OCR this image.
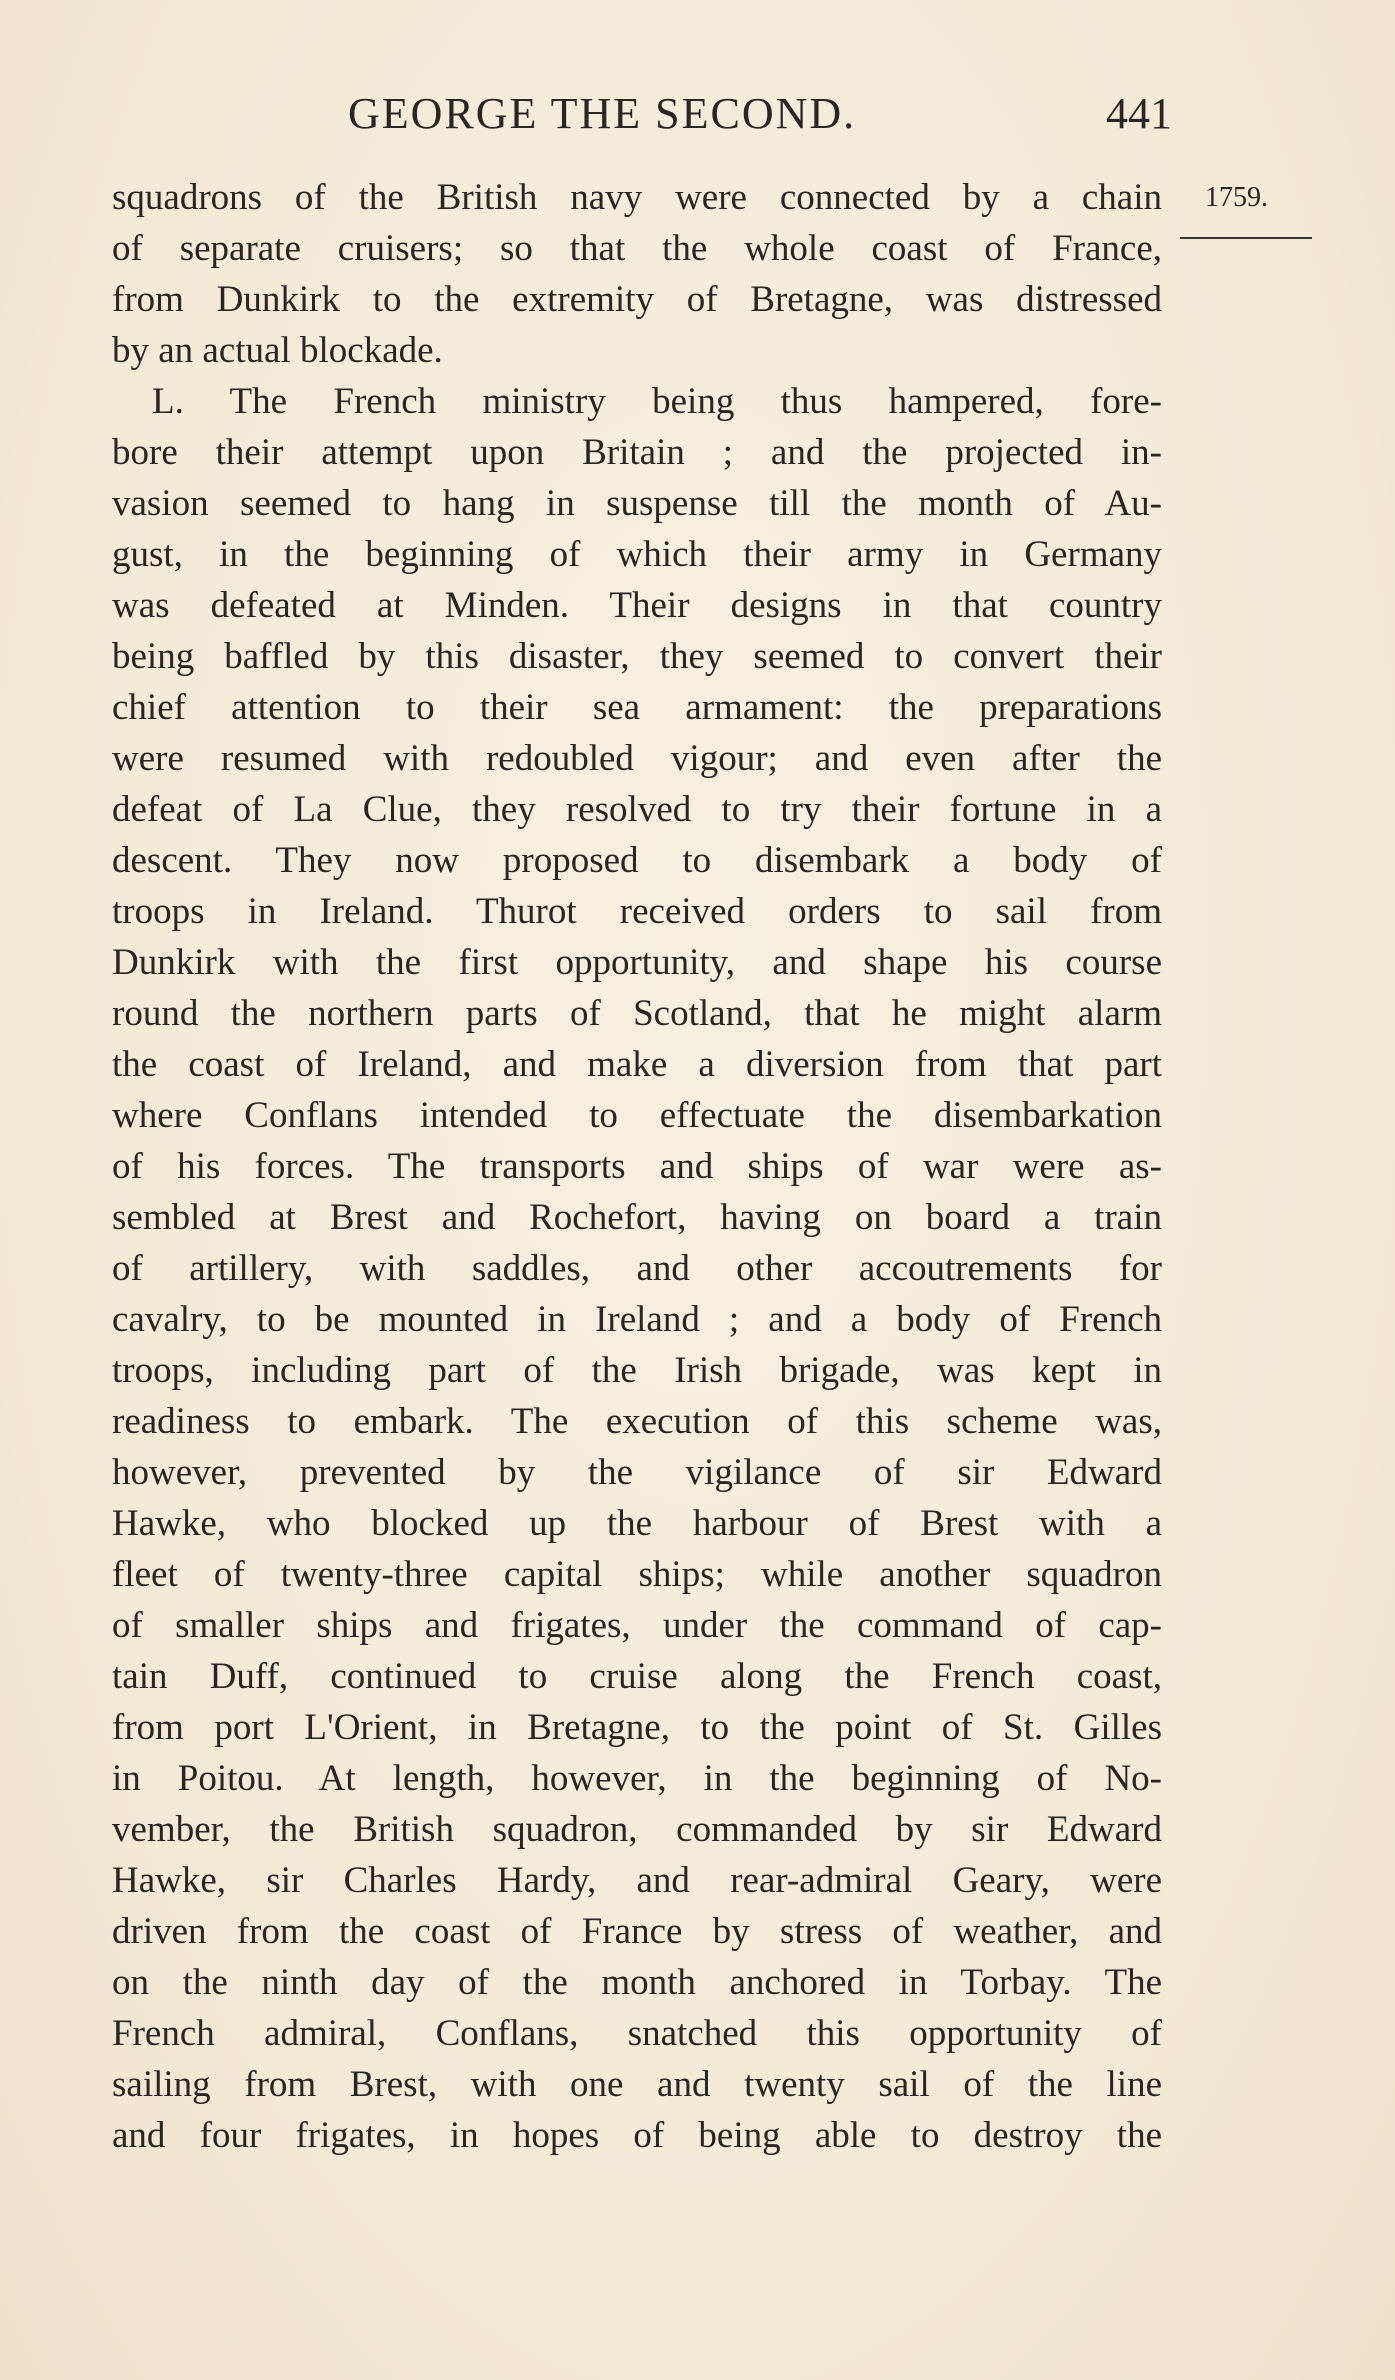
GEORGE THE SECOND.	441
1759.
squadrons of the British navy were connected by a chain
of separate cruisers; so that the whole coast of France,
from Dunkirk to the extremity of Bretagne, was distressed
by an actual blockade.
L. The French ministry being thus hampered, fore-
bore their attempt upon Britain ; and the projected in-
vasion seemed to hang in suspense till the month of Au-
gust, in the beginning of which their army in Germany
was defeated at Minden. Their designs in that country
being baffled by this disaster, they seemed to convert their
chief attention to their sea armament: the preparations
were resumed with redoubled vigour; and even after the
defeat of La Clue, they resolved to try their fortune in a
descent. They now proposed to disembark a body of
troops in Ireland. Thurot received orders to sail from
Dunkirk with the first opportunity, and shape his course
round the northern parts of Scotland, that he might alarm
the coast of Ireland, and make a diversion from that part
where Conflans intended to effectuate the disembarkation
of his forces. The transports and ships of war were as-
sembled at Brest and Rochefort, having on board a train
of artillery, with saddles, and other accoutrements for
cavalry, to be mounted in Ireland ; and a body of French
troops, including part of the Irish brigade, was kept in
readiness to embark. The execution of this scheme was,
however, prevented by the vigilance of sir Edward
Hawke, who blocked up the harbour of Brest with a
fleet of twenty-three capital ships; while another squadron
of smaller ships and frigates, under the command of cap-
tain Duff, continued to cruise along the French coast,
from port L'Orient, in Bretagne, to the point of St. Gilles
in Poitou. At length, however, in the beginning of No-
vember, the British squadron, commanded by sir Edward
Hawke, sir Charles Hardy, and rear-admiral Geary, were
driven from the coast of France by stress of weather, and
on the ninth day of the month anchored in Torbay. The
French admiral, Conflans, snatched this opportunity of
sailing from Brest, with one and twenty sail of the line
and four frigates, in hopes of being able to destroy the
